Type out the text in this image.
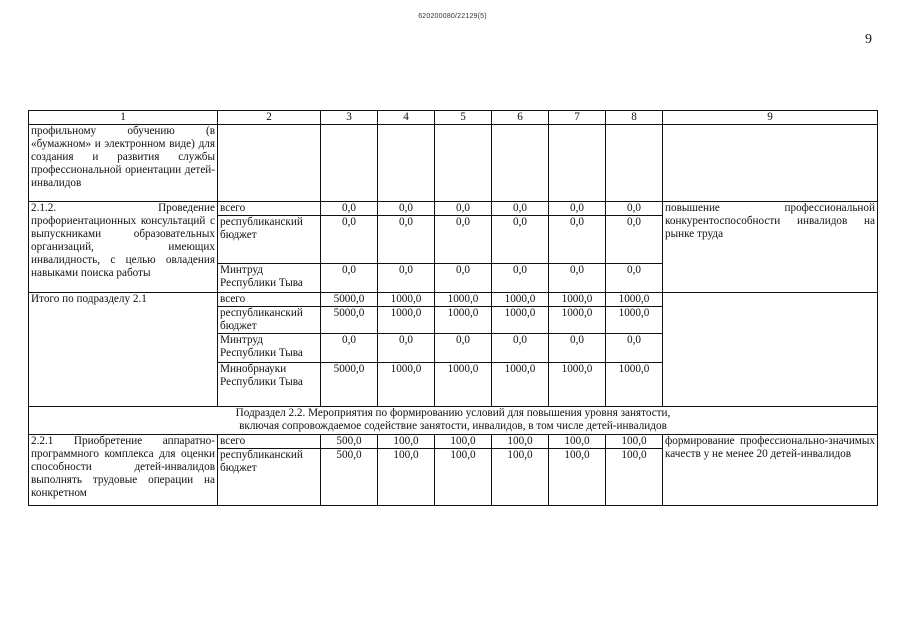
620200080/22129(5)
9
1	2	3	4	5	6	7	8	9
профильному обучению (в «бумажном» и электронном виде) для создания и развития службы профессиональной ориентации детей-инвалидов								
2.1.2. Проведение профориентационных консультаций с выпускниками образовательных организаций, имеющих инвалидность, с целью овладения навыками поиска работы	всего	0,0	0,0	0,0	0,0	0,0	0,0	повышение профессиональной конкурентоспособности инвалидов на рынке труда
	республиканский бюджет	0,0	0,0	0,0	0,0	0,0	0,0	
	Минтруд Республики Тыва	0,0	0,0	0,0	0,0	0,0	0,0	
Итого по подразделу 2.1	всего	5000,0	1000,0	1000,0	1000,0	1000,0	1000,0	
	республиканский бюджет	5000,0	1000,0	1000,0	1000,0	1000,0	1000,0	
	Минтруд Республики Тыва	0,0	0,0	0,0	0,0	0,0	0,0	
	Минобрнауки Республики Тыва	5000,0	1000,0	1000,0	1000,0	1000,0	1000,0	

Подраздел 2.2. Мероприятия по формированию условий для повышения уровня занятости,
включая сопровождаемое содействие занятости, инвалидов, в том числе детей-инвалидов								

2.2.1 Приобретение аппаратно-программного комплекса для оценки способности детей-инвалидов выполнять трудовые операции на конкретном	всего	500,0	100,0	100,0	100,0	100,0	100,0	формирование профессионально-значимых качеств у не менее 20 детей-инвалидов
	республиканский бюджет	500,0	100,0	100,0	100,0	100,0	100,0	
